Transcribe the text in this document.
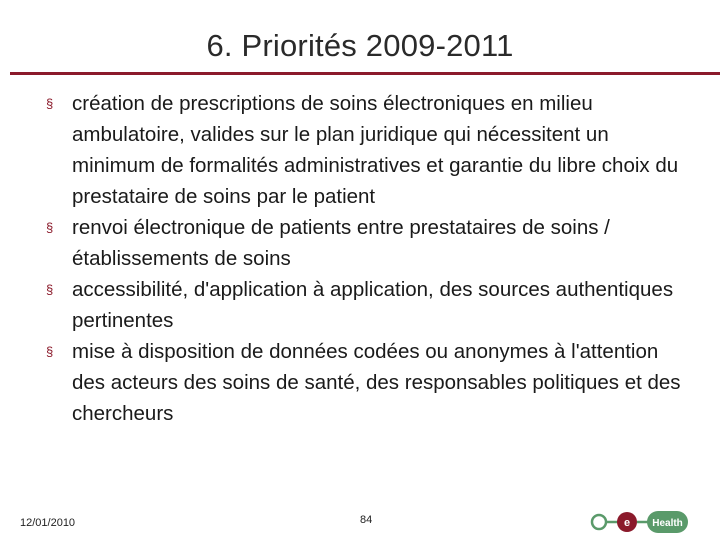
6. Priorités 2009-2011
§ création de prescriptions de soins électroniques en milieu ambulatoire, valides sur le plan juridique qui nécessitent un minimum de formalités administratives et garantie du libre choix du prestataire de soins par le patient
§ renvoi électronique de patients entre prestataires de soins / établissements de soins
§ accessibilité, d'application à application, des sources authentiques pertinentes
§ mise à disposition de données codées ou anonymes à l'attention des acteurs des soins de santé, des responsables politiques et des chercheurs
12/01/2010	84	e Health
